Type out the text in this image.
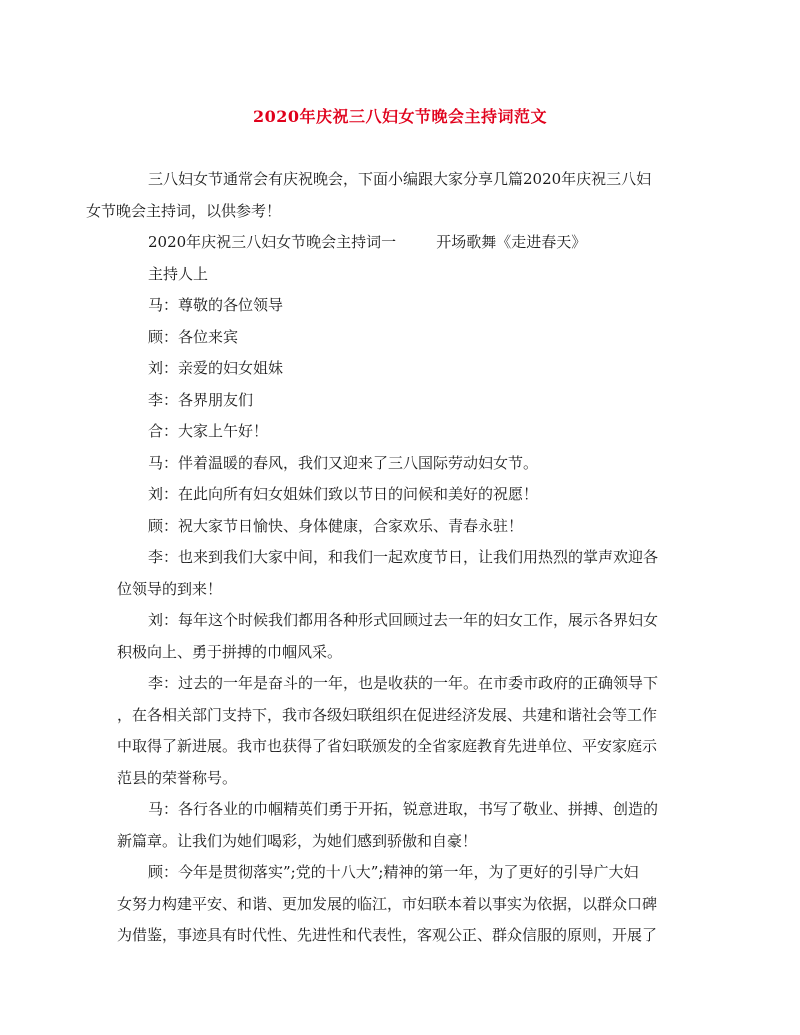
2020年庆祝三八妇女节晚会主持词范文

三八妇女节通常会有庆祝晚会，下面小编跟大家分享几篇2020年庆祝三八妇
女节晚会主持词，以供参考！

2020年庆祝三八妇女节晚会主持词一	开场歌舞《走进春天》

主持人上

马：尊敬的各位领导

顾：各位来宾

刘：亲爱的妇女姐妹

李：各界朋友们

合：大家上午好！

马：伴着温暖的春风，我们又迎来了三八国际劳动妇女节。

刘：在此向所有妇女姐妹们致以节日的问候和美好的祝愿！

顾：祝大家节日愉快、身体健康，合家欢乐、青春永驻！

李：也来到我们大家中间，和我们一起欢度节日，让我们用热烈的掌声欢迎各
位领导的到来！

刘：每年这个时候我们都用各种形式回顾过去一年的妇女工作，展示各界妇女
积极向上、勇于拼搏的巾帼风采。

李：过去的一年是奋斗的一年，也是收获的一年。在市委市政府的正确领导下
，在各相关部门支持下，我市各级妇联组织在促进经济发展、共建和谐社会等工作
中取得了新进展。我市也获得了省妇联颁发的全省家庭教育先进单位、平安家庭示
范县的荣誉称号。

马：各行各业的巾帼精英们勇于开拓，锐意进取，书写了敬业、拼搏、创造的
新篇章。让我们为她们喝彩，为她们感到骄傲和自豪！

顾：今年是贯彻落实”;党的十八大”;精神的第一年，为了更好的引导广大妇
女努力构建平安、和谐、更加发展的临江，市妇联本着以事实为依据，以群众口碑
为借鉴，事迹具有时代性、先进性和代表性，客观公正、群众信服的原则，开展了
